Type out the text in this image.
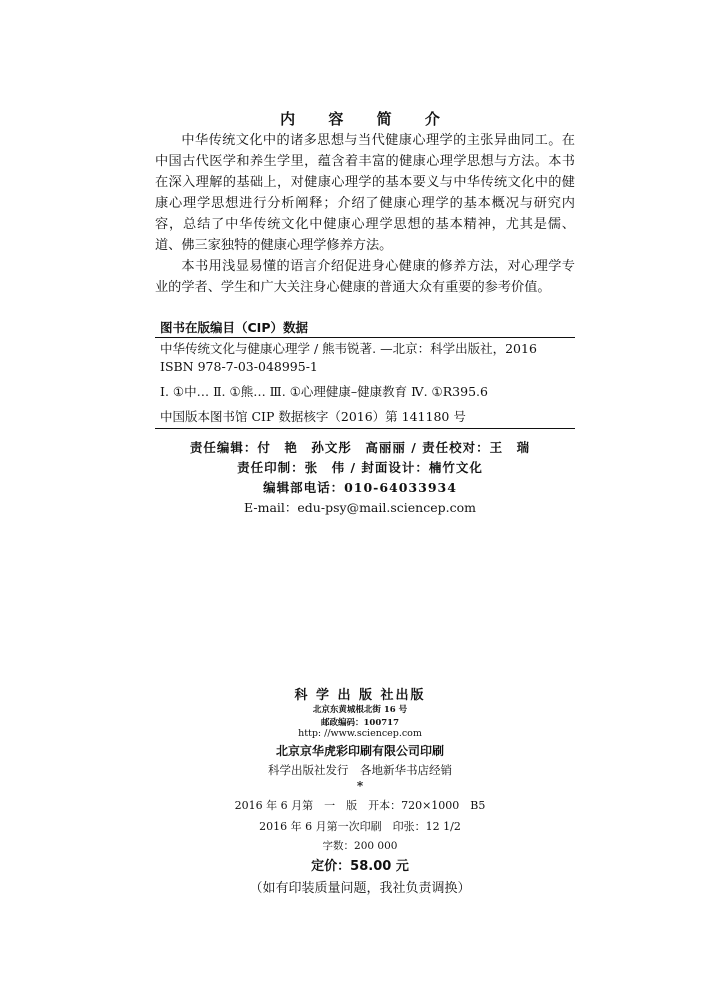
内 容 简 介

中华传统文化中的诸多思想与当代健康心理学的主张异曲同工。在中国古代医学和养生学里，蕴含着丰富的健康心理学思想与方法。本书在深入理解的基础上，对健康心理学的基本要义与中华传统文化中的健康心理学思想进行分析阐释；介绍了健康心理学的基本概况与研究内容，总结了中华传统文化中健康心理学思想的基本精神，尤其是儒、道、佛三家独特的健康心理学修养方法。

本书用浅显易懂的语言介绍促进身心健康的修养方法，对心理学专业的学者、学生和广大关注身心健康的普通大众有重要的参考价值。

图书在版编目（CIP）数据
中华传统文化与健康心理学 / 熊韦锐著. —北京：科学出版社，2016
ISBN 978-7-03-048995-1
Ⅰ. ①中… Ⅱ. ①熊… Ⅲ. ①心理健康–健康教育 Ⅳ. ①R395.6
中国版本图书馆 CIP 数据核字（2016）第 141180 号
责任编辑：付　艳　孙文彤　高丽丽 / 责任校对：王　瑞
责任印制：张　伟 / 封面设计：楠竹文化
编辑部电话：010-64033934
E-mail：edu-psy@mail.sciencep.com
科 学 出 版 社出版
北京东黄城根北街 16 号
邮政编码：100717
http: //www.sciencep.com
北京京华虎彩印刷有限公司印刷
科学出版社发行　各地新华书店经销
*
2016 年 6 月第　一　版　开本：720×1000　B5
2016 年 6 月第一次印刷　印张：12 1/2
字数：200 000
定价：58.00 元
（如有印装质量问题，我社负责调换）
